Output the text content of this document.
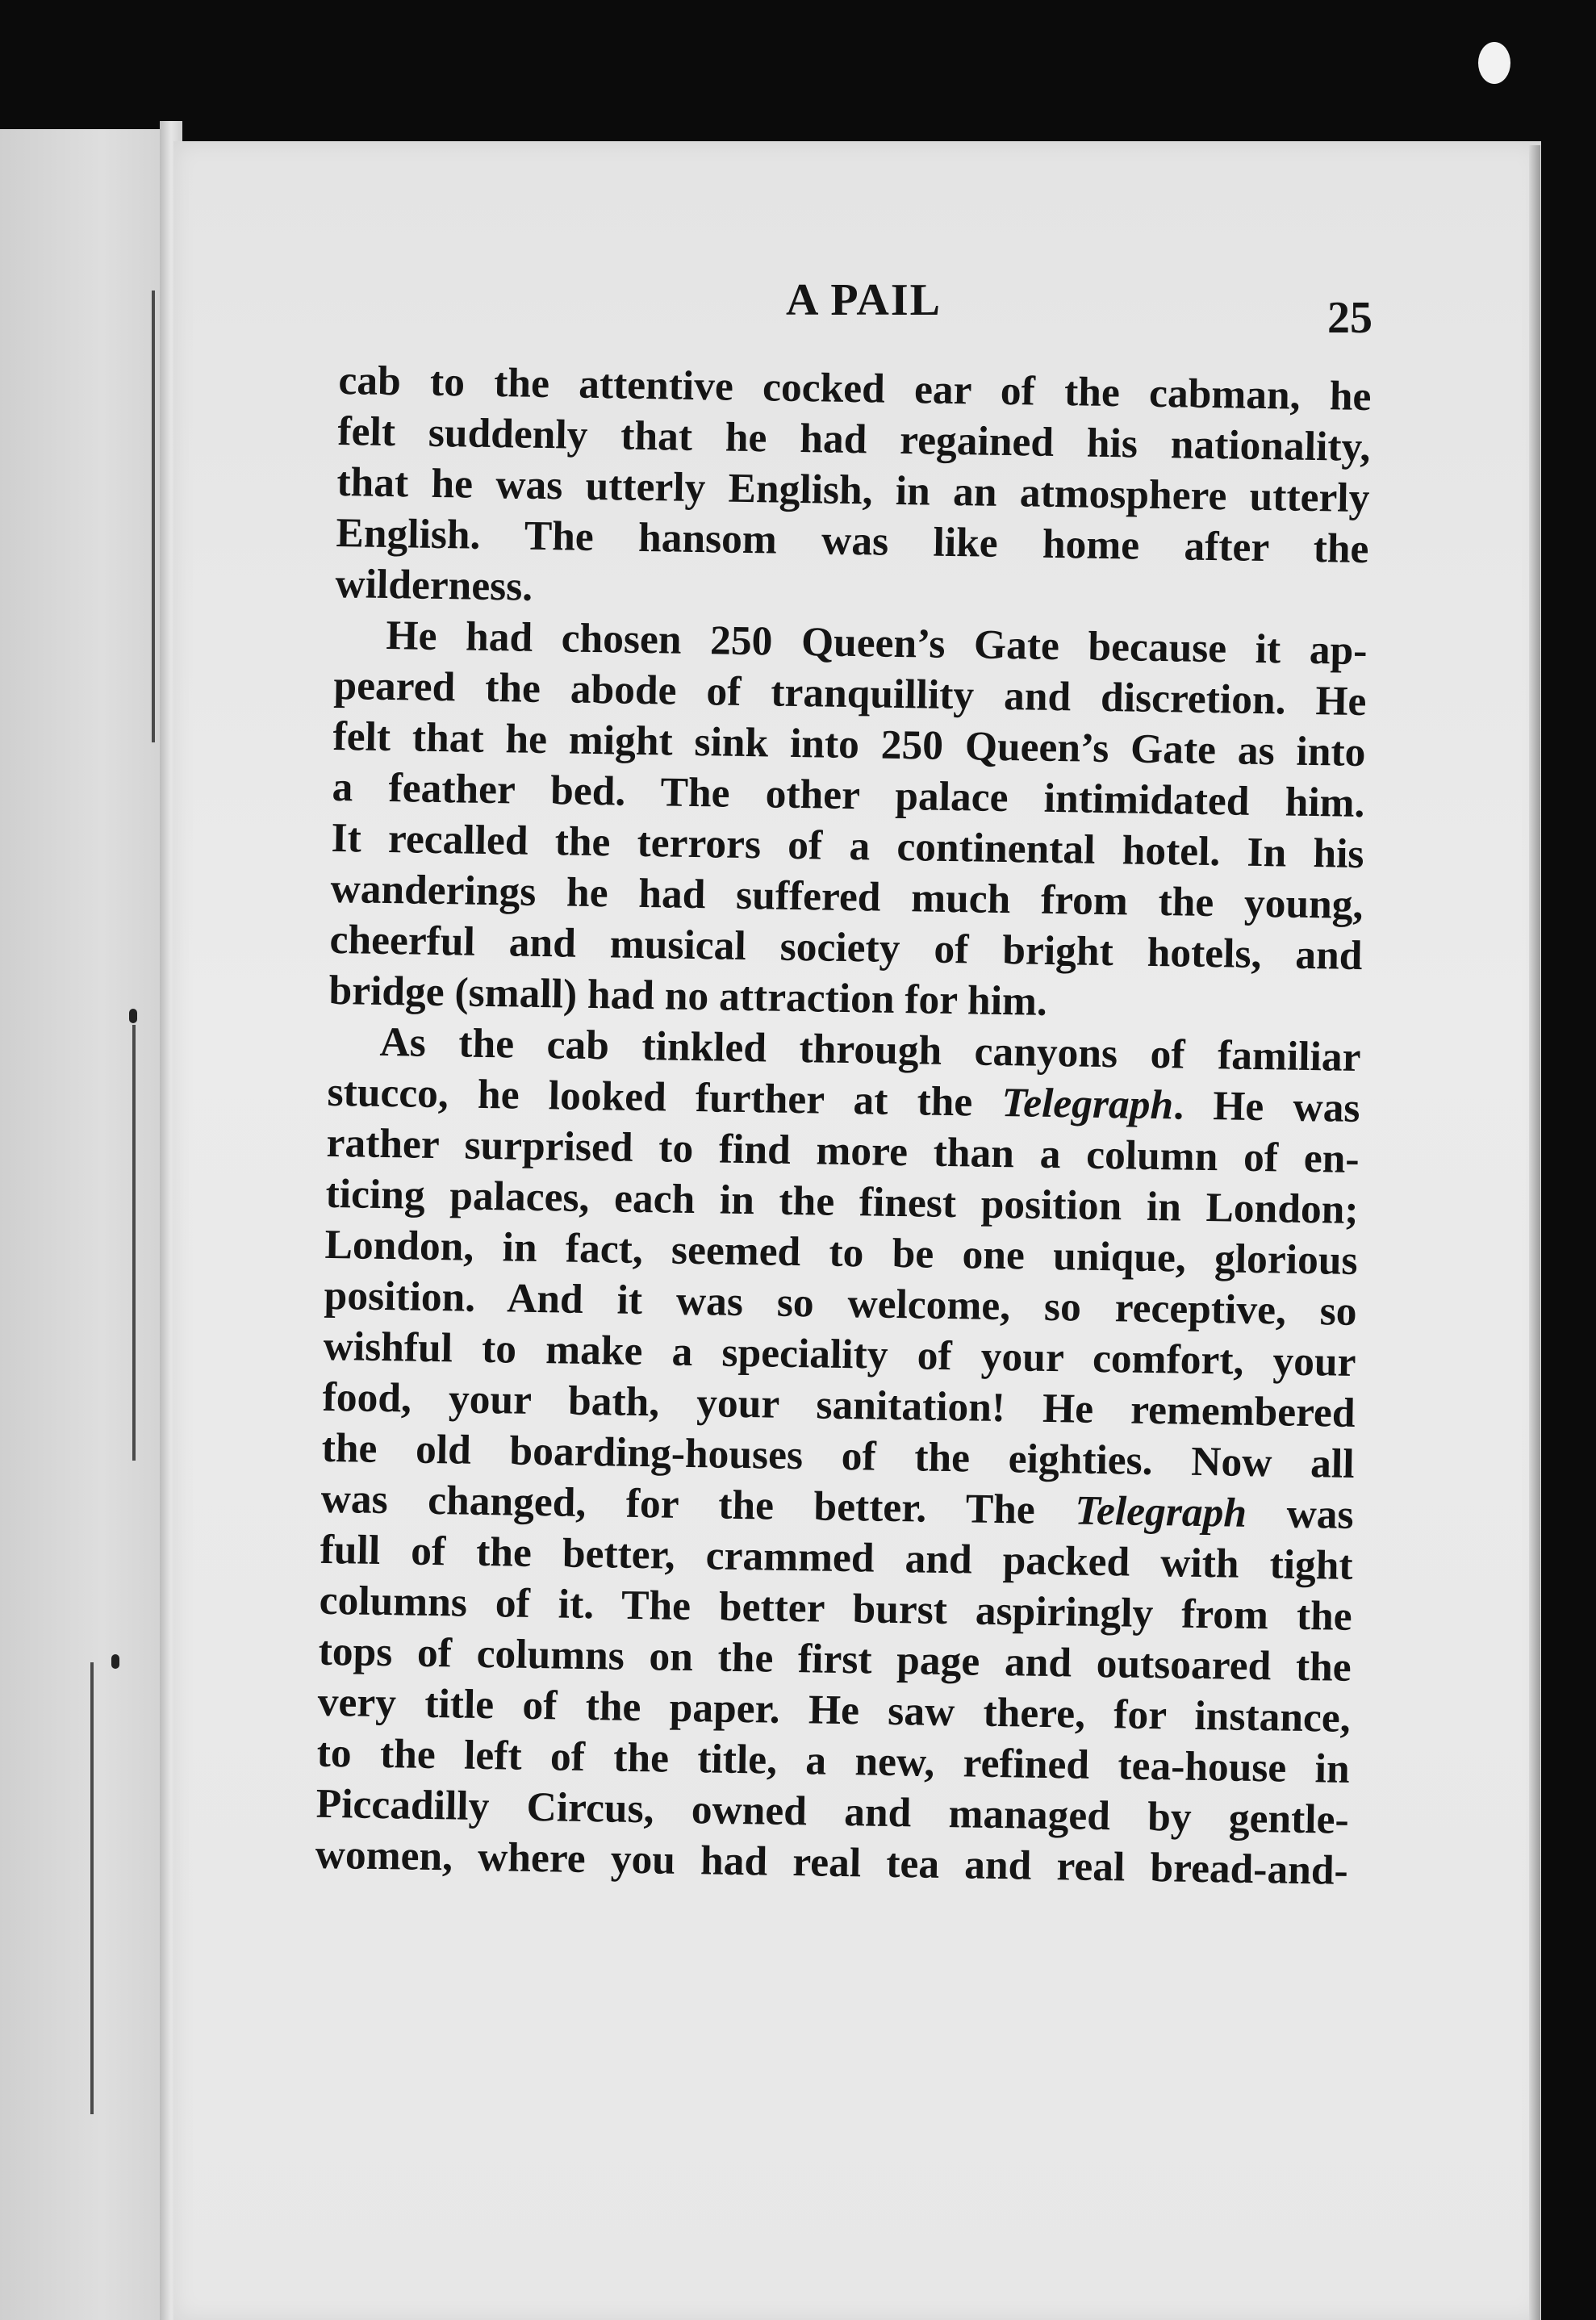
A PAIL	25

cab to the attentive cocked ear of the cabman, he
felt suddenly that he had regained his nationality,
that he was utterly English, in an atmosphere utterly
English. The hansom was like home after the
wilderness.

He had chosen 250 Queen’s Gate because it ap-
peared the abode of tranquillity and discretion. He
felt that he might sink into 250 Queen’s Gate as into
a feather bed. The other palace intimidated him.
It recalled the terrors of a continental hotel. In his
wanderings he had suffered much from the young,
cheerful and musical society of bright hotels, and
bridge (small) had no attraction for him.

As the cab tinkled through canyons of familiar
stucco, he looked further at the Telegraph. He was
rather surprised to find more than a column of en-
ticing palaces, each in the finest position in London;
London, in fact, seemed to be one unique, glorious
position. And it was so welcome, so receptive, so
wishful to make a speciality of your comfort, your
food, your bath, your sanitation! He remembered
the old boarding-houses of the eighties. Now all
was changed, for the better. The Telegraph was
full of the better, crammed and packed with tight
columns of it. The better burst aspiringly from the
tops of columns on the first page and outsoared the
very title of the paper. He saw there, for instance,
to the left of the title, a new, refined tea-house in
Piccadilly Circus, owned and managed by gentle-
women, where you had real tea and real bread-and-
